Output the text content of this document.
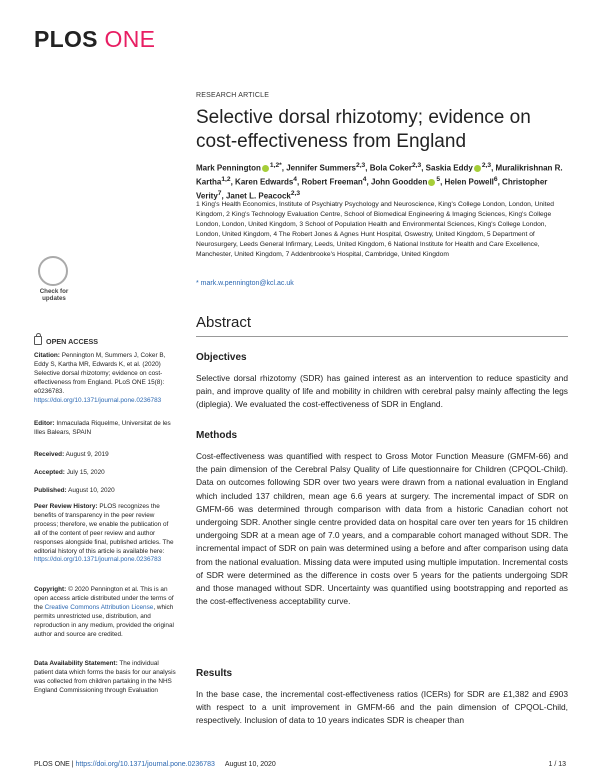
PLOS ONE
RESEARCH ARTICLE
Selective dorsal rhizotomy; evidence on cost-effectiveness from England
Mark Pennington $^{1,2*}$, Jennifer Summers$^{2,3}$, Bola Coker$^{2,3}$, Saskia Eddy $^{2,3}$, Muralikrishnan R. Kartha$^{1,2}$, Karen Edwards$^4$, Robert Freeman$^4$, John Goodden $^5$, Helen Powell$^6$, Christopher Verity$^7$, Janet L. Peacock$^{2,3}$
1 King's Health Economics, Institute of Psychiatry Psychology and Neuroscience, King's College London, London, United Kingdom, 2 King's Technology Evaluation Centre, School of Biomedical Engineering & Imaging Sciences, King's College London, London, United Kingdom, 3 School of Population Health and Environmental Sciences, King's College London, London, United Kingdom, 4 The Robert Jones & Agnes Hunt Hospital, Oswestry, United Kingdom, 5 Department of Neurosurgery, Leeds General Infirmary, Leeds, United Kingdom, 6 National Institute for Health and Care Excellence, Manchester, United Kingdom, 7 Addenbrooke's Hospital, Cambridge, United Kingdom
* mark.w.pennington@kcl.ac.uk
Abstract
Objectives
Selective dorsal rhizotomy (SDR) has gained interest as an intervention to reduce spasticity and pain, and improve quality of life and mobility in children with cerebral palsy mainly affecting the legs (diplegia). We evaluated the cost-effectiveness of SDR in England.
Methods
Cost-effectiveness was quantified with respect to Gross Motor Function Measure (GMFM-66) and the pain dimension of the Cerebral Palsy Quality of Life questionnaire for Children (CPQOL-Child). Data on outcomes following SDR over two years were drawn from a national evaluation in England which included 137 children, mean age 6.6 years at surgery. The incremental impact of SDR on GMFM-66 was determined through comparison with data from a historic Canadian cohort not undergoing SDR. Another single centre provided data on hospital care over ten years for 15 children undergoing SDR at a mean age of 7.0 years, and a comparable cohort managed without SDR. The incremental impact of SDR on pain was determined using a before and after comparison using data from the national evaluation. Missing data were imputed using multiple imputation. Incremental costs of SDR were determined as the difference in costs over 5 years for the patients undergoing SDR and those managed without SDR. Uncertainty was quantified using bootstrapping and reported as the cost-effectiveness acceptability curve.
Results
In the base case, the incremental cost-effectiveness ratios (ICERs) for SDR are £1,382 and £903 with respect to a unit improvement in GMFM-66 and the pain dimension of CPQOL-Child, respectively. Inclusion of data to 10 years indicates SDR is cheaper than
Check for updates
OPEN ACCESS
Citation: Pennington M, Summers J, Coker B, Eddy S, Kartha MR, Edwards K, et al. (2020) Selective dorsal rhizotomy; evidence on cost-effectiveness from England. PLoS ONE 15(8): e0236783. https://doi.org/10.1371/journal.pone.0236783
Editor: Inmaculada Riquelme, Universitat de les Illes Balears, SPAIN
Received: August 9, 2019
Accepted: July 15, 2020
Published: August 10, 2020
Peer Review History: PLOS recognizes the benefits of transparency in the peer review process; therefore, we enable the publication of all of the content of peer review and author responses alongside final, published articles. The editorial history of this article is available here: https://doi.org/10.1371/journal.pone.0236783
Copyright: © 2020 Pennington et al. This is an open access article distributed under the terms of the Creative Commons Attribution License, which permits unrestricted use, distribution, and reproduction in any medium, provided the original author and source are credited.
Data Availability Statement: The individual patient data which forms the basis for our analysis was collected from children partaking in the NHS England Commissioning through Evaluation
PLOS ONE | https://doi.org/10.1371/journal.pone.0236783 August 10, 2020	1 / 13
